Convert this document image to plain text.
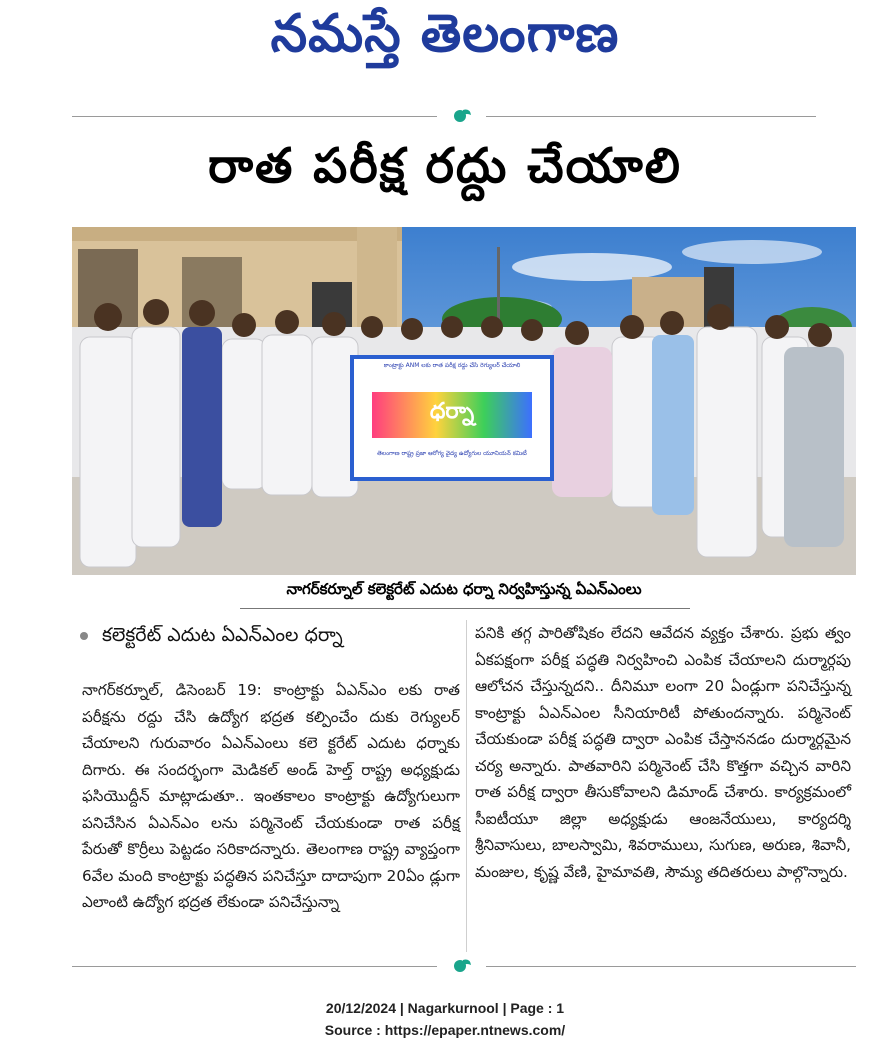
నమస్తే తెలంగాణ
రాత పరీక్ష రద్దు చేయాలి
కాంట్రాక్టు ANM లకు రాత పరీక్ష రద్దు చేసి రెగ్యులర్ చేయాలి
ధర్నా
తెలంగాణ రాష్ట్ర ప్రజా ఆరోగ్య వైద్య ఉద్యోగుల యూనియన్ కమిటీ
నాగర్‌కర్నూల్ కలెక్టరేట్ ఎదుట ధర్నా నిర్వహిస్తున్న ఏఎన్ఎంలు
కలెక్టరేట్ ఎదుట ఏఎన్ఎంల ధర్నా
నాగర్‌కర్నూల్, డిసెంబర్ 19: కాంట్రాక్టు ఏఎన్ఎం లకు రాత పరీక్షను రద్దు చేసి ఉద్యోగ భద్రత కల్పించేం దుకు రెగ్యులర్ చేయాలని గురువారం ఏఎన్ఎంలు కలె క్టరేట్ ఎదుట ధర్నాకు దిగారు. ఈ సందర్భంగా మెడికల్ అండ్ హెల్త్ రాష్ట్ర అధ్యక్షుడు ఫసియొద్దీన్ మాట్లాడుతూ.. ఇంతకాలం కాంట్రాక్టు ఉద్యోగులుగా పనిచేసిన ఏఎన్ఎం లను పర్మినెంట్ చేయకుండా రాత పరీక్ష పేరుతో కొర్రీలు పెట్టడం సరికాదన్నారు. తెలంగాణ రాష్ట్ర వ్యాప్తంగా 6వేల మంది కాంట్రాక్టు పద్ధతిన పనిచేస్తూ దాదాపుగా 20ఏం డ్లుగా ఎలాంటి ఉద్యోగ భద్రత లేకుండా పనిచేస్తున్నా
పనికి తగ్గ పారితోషికం లేదని ఆవేదన వ్యక్తం చేశారు. ప్రభు త్వం ఏకపక్షంగా పరీక్ష పద్ధతి నిర్వహించి ఎంపిక చేయాలని దుర్మార్గపు ఆలోచన చేస్తున్నదని.. దీనిమూ లంగా 20 ఏండ్లుగా పనిచేస్తున్న కాంట్రాక్టు ఏఎన్ఎంల సీనియారిటీ పోతుందన్నారు. పర్మినెంట్ చేయకుండా పరీక్ష పద్ధతి ద్వారా ఎంపిక చేస్తాననడం దుర్మార్గమైన చర్య అన్నారు. పాతవారిని పర్మినెంట్ చేసి కొత్తగా వచ్చిన వారిని రాత పరీక్ష ద్వారా తీసుకోవాలని డిమాండ్ చేశారు. కార్యక్రమంలో సీఐటీయూ జిల్లా అధ్యక్షుడు ఆంజనేయులు, కార్యదర్శి శ్రీనివాసులు, బాలస్వామి, శివరాములు, సుగుణ, అరుణ, శివానీ, మంజుల, కృష్ణ వేణి, హైమావతి, సౌమ్య తదితరులు పాల్గొన్నారు.
20/12/2024 | Nagarkurnool | Page : 1
Source : https://epaper.ntnews.com/
